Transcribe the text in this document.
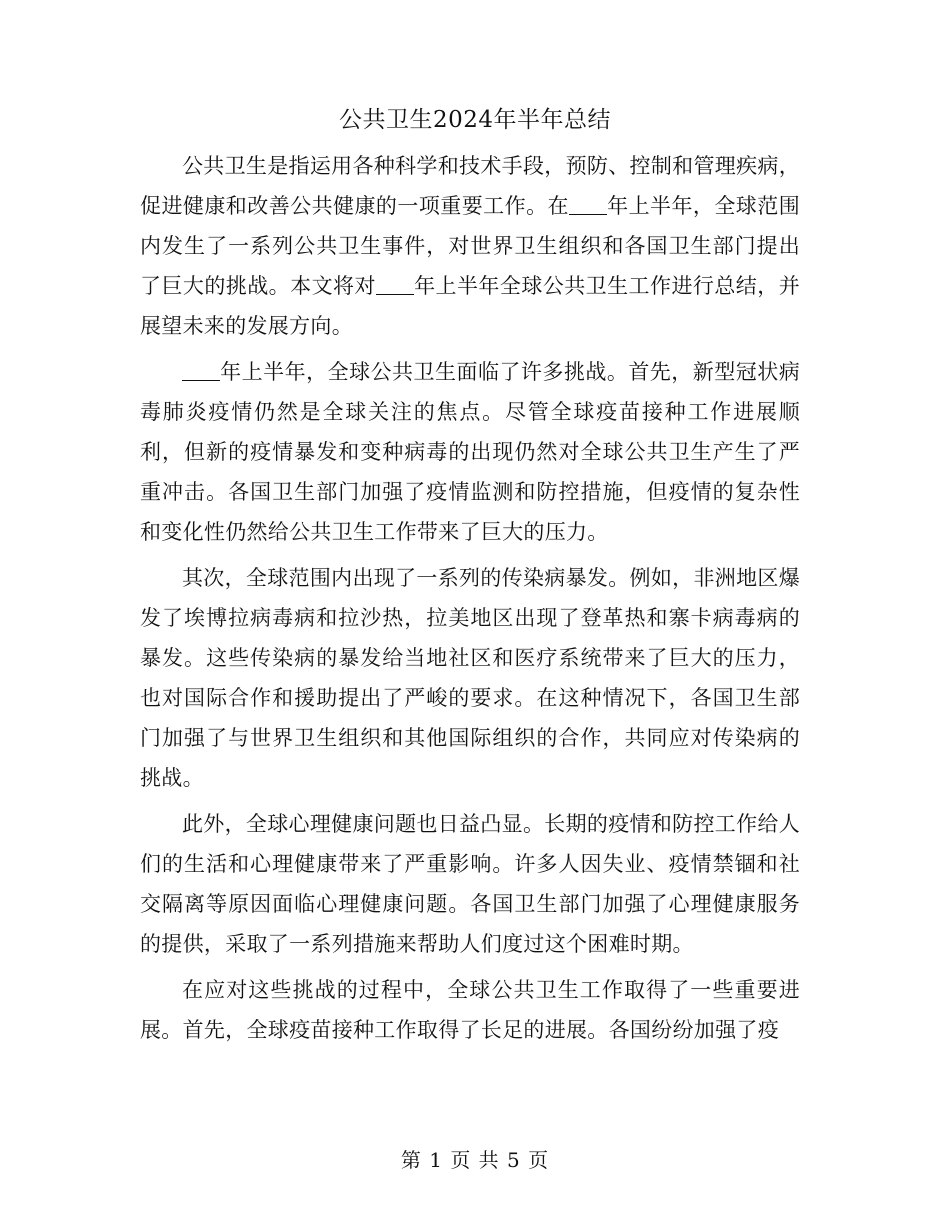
公共卫生2024年半年总结

公共卫生是指运用各种科学和技术手段，预防、控制和管理疾病，促进健康和改善公共健康的一项重要工作。在 年上半年，全球范围内发生了一系列公共卫生事件，对世界卫生组织和各国卫生部门提出了巨大的挑战。本文将对 年上半年全球公共卫生工作进行总结，并展望未来的发展方向。

年上半年，全球公共卫生面临了许多挑战。首先，新型冠状病毒肺炎疫情仍然是全球关注的焦点。尽管全球疫苗接种工作进展顺利，但新的疫情暴发和变种病毒的出现仍然对全球公共卫生产生了严重冲击。各国卫生部门加强了疫情监测和防控措施，但疫情的复杂性和变化性仍然给公共卫生工作带来了巨大的压力。

其次，全球范围内出现了一系列的传染病暴发。例如，非洲地区爆发了埃博拉病毒病和拉沙热，拉美地区出现了登革热和寨卡病毒病的暴发。这些传染病的暴发给当地社区和医疗系统带来了巨大的压力，也对国际合作和援助提出了严峻的要求。在这种情况下，各国卫生部门加强了与世界卫生组织和其他国际组织的合作，共同应对传染病的挑战。

此外，全球心理健康问题也日益凸显。长期的疫情和防控工作给人们的生活和心理健康带来了严重影响。许多人因失业、疫情禁锢和社交隔离等原因面临心理健康问题。各国卫生部门加强了心理健康服务的提供，采取了一系列措施来帮助人们度过这个困难时期。

在应对这些挑战的过程中，全球公共卫生工作取得了一些重要进展。首先，全球疫苗接种工作取得了长足的进展。各国纷纷加强了疫

第 1 页 共 5 页
